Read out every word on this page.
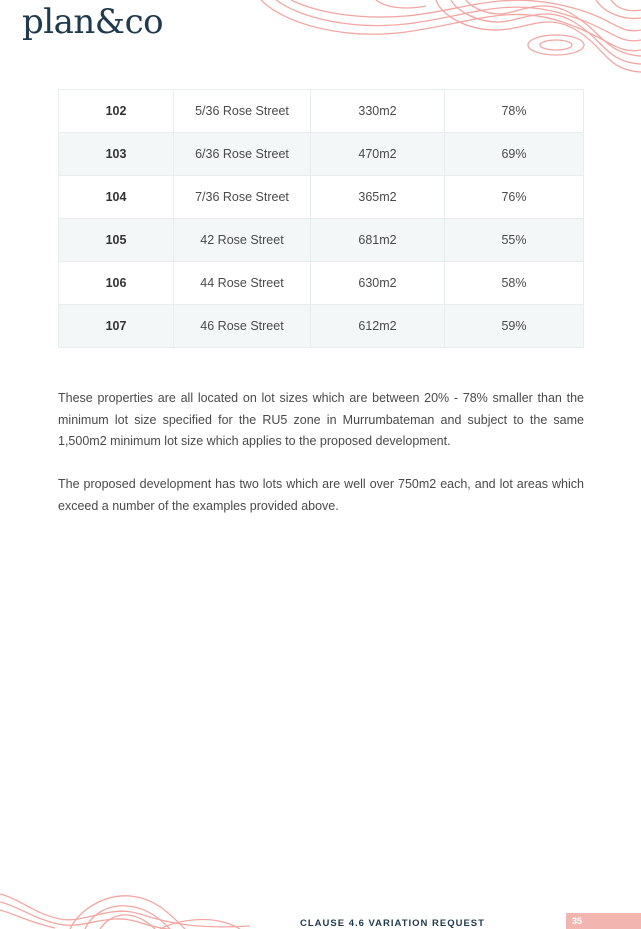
plan&co
102	5/36 Rose Street	330m2	78%
103	6/36 Rose Street	470m2	69%
104	7/36 Rose Street	365m2	76%
105	42 Rose Street	681m2	55%
106	44 Rose Street	630m2	58%
107	46 Rose Street	612m2	59%

These properties are all located on lot sizes which are between 20% - 78% smaller than the minimum lot size specified for the RU5 zone in Murrumbateman and subject to the same 1,500m2 minimum lot size which applies to the proposed development.

The proposed development has two lots which are well over 750m2 each, and lot areas which exceed a number of the examples provided above.

CLAUSE 4.6 VARIATION REQUEST	35
